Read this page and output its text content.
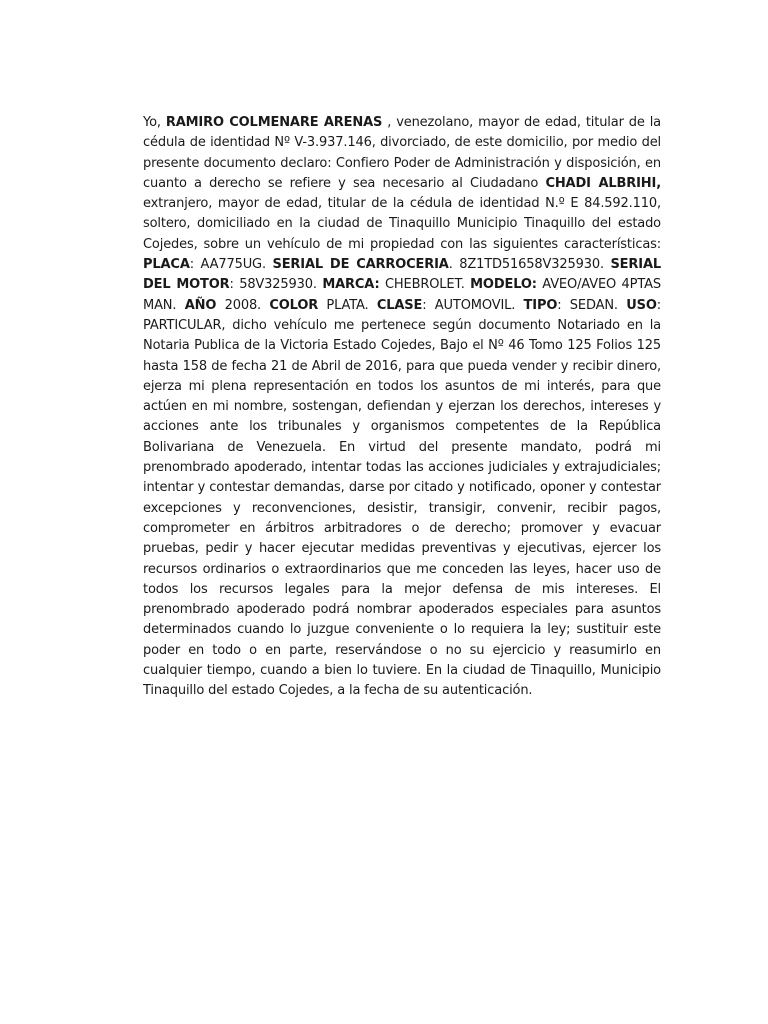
Yo, RAMIRO COLMENARE ARENAS , venezolano, mayor de edad, titular de la cédula de identidad Nº V-3.937.146, divorciado, de este domicilio, por medio del presente documento declaro: Confiero Poder de Administración y disposición, en cuanto a derecho se refiere y sea necesario al Ciudadano CHADI ALBRIHI, extranjero, mayor de edad, titular de la cédula de identidad N.º E 84.592.110, soltero, domiciliado en la ciudad de Tinaquillo Municipio Tinaquillo del estado Cojedes, sobre un vehículo de mi propiedad con las siguientes características: PLACA: AA775UG. SERIAL DE CARROCERIA. 8Z1TD51658V325930. SERIAL DEL MOTOR: 58V325930. MARCA: CHEBROLET. MODELO: AVEO/AVEO 4PTAS MAN. AÑO 2008. COLOR PLATA. CLASE: AUTOMOVIL. TIPO: SEDAN. USO: PARTICULAR, dicho vehículo me pertenece según documento Notariado en la Notaria Publica de la Victoria Estado Cojedes, Bajo el Nº 46 Tomo 125 Folios 125 hasta 158 de fecha 21 de Abril de 2016, para que pueda vender y recibir dinero, ejerza mi plena representación en todos los asuntos de mi interés, para que actúen en mi nombre, sostengan, defiendan y ejerzan los derechos, intereses y acciones ante los tribunales y organismos competentes de la República Bolivariana de Venezuela. En virtud del presente mandato, podrá mi prenombrado apoderado, intentar todas las acciones judiciales y extrajudiciales; intentar y contestar demandas, darse por citado y notificado, oponer y contestar excepciones y reconvenciones, desistir, transigir, convenir, recibir pagos, comprometer en árbitros arbitradores o de derecho; promover y evacuar pruebas, pedir y hacer ejecutar medidas preventivas y ejecutivas, ejercer los recursos ordinarios o extraordinarios que me conceden las leyes, hacer uso de todos los recursos legales para la mejor defensa de mis intereses. El prenombrado apoderado podrá nombrar apoderados especiales para asuntos determinados cuando lo juzgue conveniente o lo requiera la ley; sustituir este poder en todo o en parte, reservándose o no su ejercicio y reasumirlo en cualquier tiempo, cuando a bien lo tuviere. En la ciudad de Tinaquillo, Municipio Tinaquillo del estado Cojedes, a la fecha de su autenticación.
